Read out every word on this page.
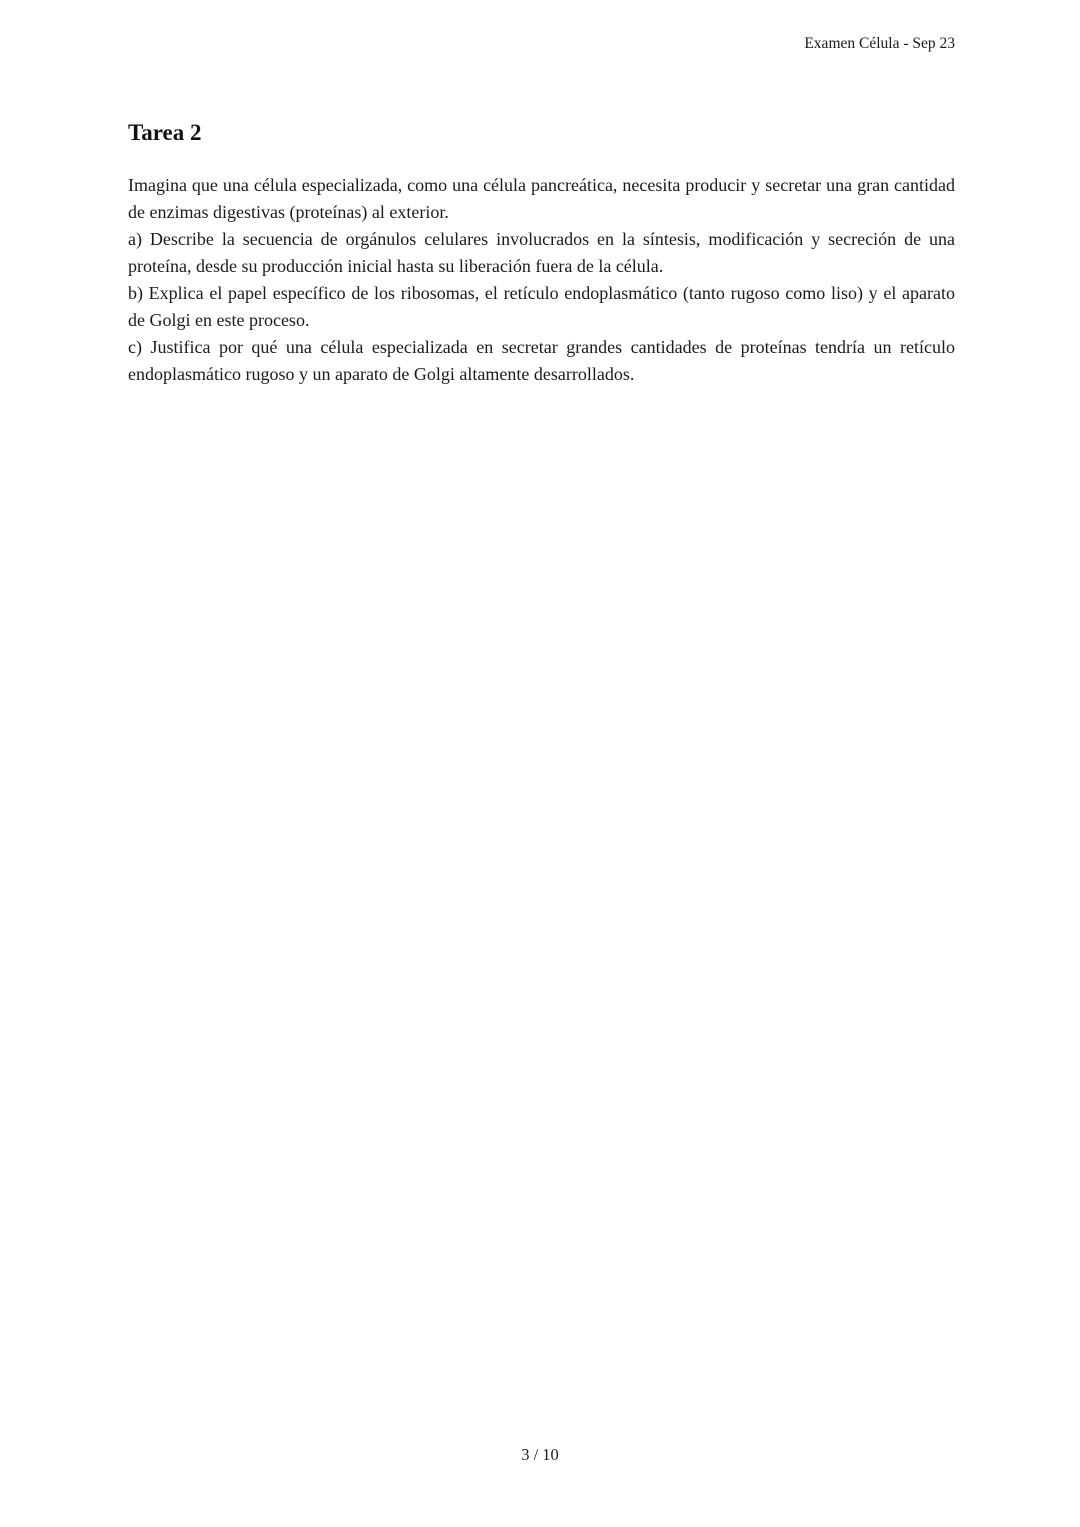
Examen Célula - Sep 23
Tarea 2

Imagina que una célula especializada, como una célula pancreática, necesita producir y secretar una gran cantidad de enzimas digestivas (proteínas) al exterior.

a) Describe la secuencia de orgánulos celulares involucrados en la síntesis, modificación y secreción de una proteína, desde su producción inicial hasta su liberación fuera de la célula.

b) Explica el papel específico de los ribosomas, el retículo endoplasmático (tanto rugoso como liso) y el aparato de Golgi en este proceso.

c) Justifica por qué una célula especializada en secretar grandes cantidades de proteínas tendría un retículo endoplasmático rugoso y un aparato de Golgi altamente desarrollados.

3 / 10
